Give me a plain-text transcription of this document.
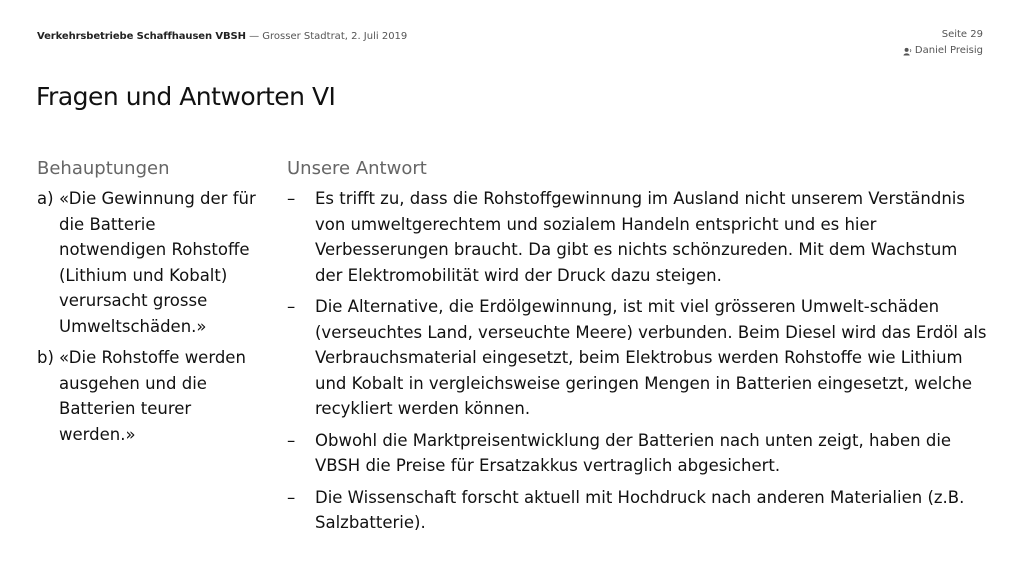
Verkehrsbetriebe Schaffhausen VBSH — Grosser Stadtrat, 2. Juli 2019	Seite 29
Daniel Preisig
Fragen und Antworten VI
Behauptungen
a) «Die Gewinnung der für die Batterie notwendigen Rohstoffe (Lithium und Kobalt) verursacht grosse Umweltschäden.»
b) «Die Rohstoffe werden ausgehen und die Batterien teurer werden.»
Unsere Antwort
–	Es trifft zu, dass die Rohstoffgewinnung im Ausland nicht unserem Verständnis von umweltgerechtem und sozialem Handeln entspricht und es hier Verbesserungen braucht. Da gibt es nichts schönzureden. Mit dem Wachstum der Elektromobilität wird der Druck dazu steigen.
–	Die Alternative, die Erdölgewinnung, ist mit viel grösseren Umwelt-schäden (verseuchtes Land, verseuchte Meere) verbunden. Beim Diesel wird das Erdöl als Verbrauchsmaterial eingesetzt, beim Elektrobus werden Rohstoffe wie Lithium und Kobalt in vergleichsweise geringen Mengen in Batterien eingesetzt, welche recykliert werden können.
–	Obwohl die Marktpreisentwicklung der Batterien nach unten zeigt, haben die VBSH die Preise für Ersatzakkus vertraglich abgesichert.
–	Die Wissenschaft forscht aktuell mit Hochdruck nach anderen Materialien (z.B. Salzbatterie).
